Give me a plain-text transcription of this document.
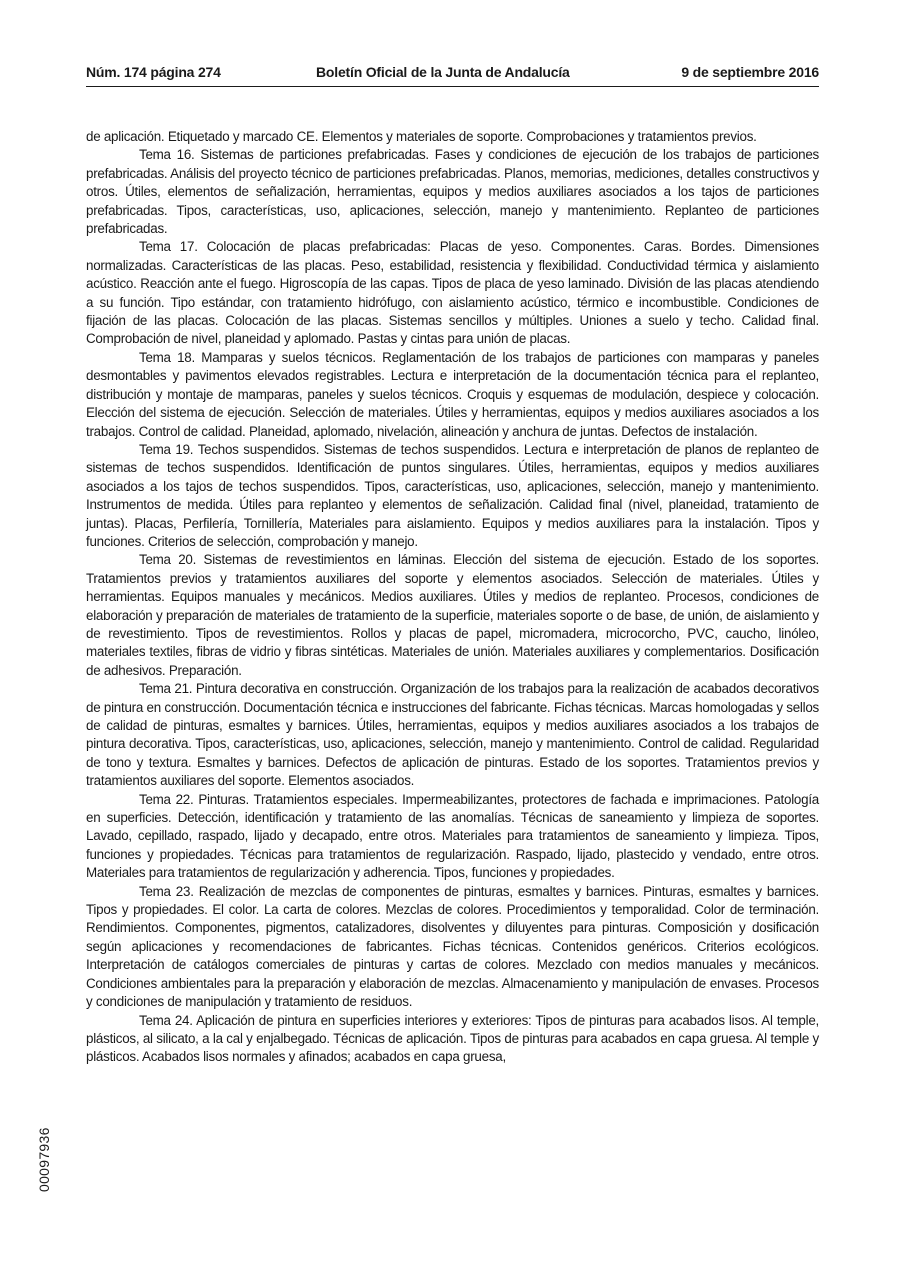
Núm. 174 página 274	Boletín Oficial de la Junta de Andalucía	9 de septiembre 2016

de aplicación. Etiquetado y marcado CE. Elementos y materiales de soporte. Comprobaciones y tratamientos previos.

Tema 16. Sistemas de particiones prefabricadas. Fases y condiciones de ejecución de los trabajos de particiones prefabricadas. Análisis del proyecto técnico de particiones prefabricadas. Planos, memorias, mediciones, detalles constructivos y otros. Útiles, elementos de señalización, herramientas, equipos y medios auxiliares asociados a los tajos de particiones prefabricadas. Tipos, características, uso, aplicaciones, selección, manejo y mantenimiento. Replanteo de particiones prefabricadas.

Tema 17. Colocación de placas prefabricadas: Placas de yeso. Componentes. Caras. Bordes. Dimensiones normalizadas. Características de las placas. Peso, estabilidad, resistencia y flexibilidad. Conductividad térmica y aislamiento acústico. Reacción ante el fuego. Higroscopía de las capas. Tipos de placa de yeso laminado. División de las placas atendiendo a su función. Tipo estándar, con tratamiento hidrófugo, con aislamiento acústico, térmico e incombustible. Condiciones de fijación de las placas. Colocación de las placas. Sistemas sencillos y múltiples. Uniones a suelo y techo. Calidad final. Comprobación de nivel, planeidad y aplomado. Pastas y cintas para unión de placas.

Tema 18. Mamparas y suelos técnicos. Reglamentación de los trabajos de particiones con mamparas y paneles desmontables y pavimentos elevados registrables. Lectura e interpretación de la documentación técnica para el replanteo, distribución y montaje de mamparas, paneles y suelos técnicos. Croquis y esquemas de modulación, despiece y colocación. Elección del sistema de ejecución. Selección de materiales. Útiles y herramientas, equipos y medios auxiliares asociados a los trabajos. Control de calidad. Planeidad, aplomado, nivelación, alineación y anchura de juntas. Defectos de instalación.

Tema 19. Techos suspendidos. Sistemas de techos suspendidos. Lectura e interpretación de planos de replanteo de sistemas de techos suspendidos. Identificación de puntos singulares. Útiles, herramientas, equipos y medios auxiliares asociados a los tajos de techos suspendidos. Tipos, características, uso, aplicaciones, selección, manejo y mantenimiento. Instrumentos de medida. Útiles para replanteo y elementos de señalización. Calidad final (nivel, planeidad, tratamiento de juntas). Placas, Perfilería, Tornillería, Materiales para aislamiento. Equipos y medios auxiliares para la instalación. Tipos y funciones. Criterios de selección, comprobación y manejo.

Tema 20. Sistemas de revestimientos en láminas. Elección del sistema de ejecución. Estado de los soportes. Tratamientos previos y tratamientos auxiliares del soporte y elementos asociados. Selección de materiales. Útiles y herramientas. Equipos manuales y mecánicos. Medios auxiliares. Útiles y medios de replanteo. Procesos, condiciones de elaboración y preparación de materiales de tratamiento de la superficie, materiales soporte o de base, de unión, de aislamiento y de revestimiento. Tipos de revestimientos. Rollos y placas de papel, micromadera, microcorcho, PVC, caucho, linóleo, materiales textiles, fibras de vidrio y fibras sintéticas. Materiales de unión. Materiales auxiliares y complementarios. Dosificación de adhesivos. Preparación.

Tema 21. Pintura decorativa en construcción. Organización de los trabajos para la realización de acabados decorativos de pintura en construcción. Documentación técnica e instrucciones del fabricante. Fichas técnicas. Marcas homologadas y sellos de calidad de pinturas, esmaltes y barnices. Útiles, herramientas, equipos y medios auxiliares asociados a los trabajos de pintura decorativa. Tipos, características, uso, aplicaciones, selección, manejo y mantenimiento. Control de calidad. Regularidad de tono y textura. Esmaltes y barnices. Defectos de aplicación de pinturas. Estado de los soportes. Tratamientos previos y tratamientos auxiliares del soporte. Elementos asociados.

Tema 22. Pinturas. Tratamientos especiales. Impermeabilizantes, protectores de fachada e imprimaciones. Patología en superficies. Detección, identificación y tratamiento de las anomalías. Técnicas de saneamiento y limpieza de soportes. Lavado, cepillado, raspado, lijado y decapado, entre otros. Materiales para tratamientos de saneamiento y limpieza. Tipos, funciones y propiedades. Técnicas para tratamientos de regularización. Raspado, lijado, plastecido y vendado, entre otros. Materiales para tratamientos de regularización y adherencia. Tipos, funciones y propiedades.

Tema 23. Realización de mezclas de componentes de pinturas, esmaltes y barnices. Pinturas, esmaltes y barnices. Tipos y propiedades. El color. La carta de colores. Mezclas de colores. Procedimientos y temporalidad. Color de terminación. Rendimientos. Componentes, pigmentos, catalizadores, disolventes y diluyentes para pinturas. Composición y dosificación según aplicaciones y recomendaciones de fabricantes. Fichas técnicas. Contenidos genéricos. Criterios ecológicos. Interpretación de catálogos comerciales de pinturas y cartas de colores. Mezclado con medios manuales y mecánicos. Condiciones ambientales para la preparación y elaboración de mezclas. Almacenamiento y manipulación de envases. Procesos y condiciones de manipulación y tratamiento de residuos.

Tema 24. Aplicación de pintura en superficies interiores y exteriores: Tipos de pinturas para acabados lisos. Al temple, plásticos, al silicato, a la cal y enjalbegado. Técnicas de aplicación. Tipos de pinturas para acabados en capa gruesa. Al temple y plásticos. Acabados lisos normales y afinados; acabados en capa gruesa,

00097936
